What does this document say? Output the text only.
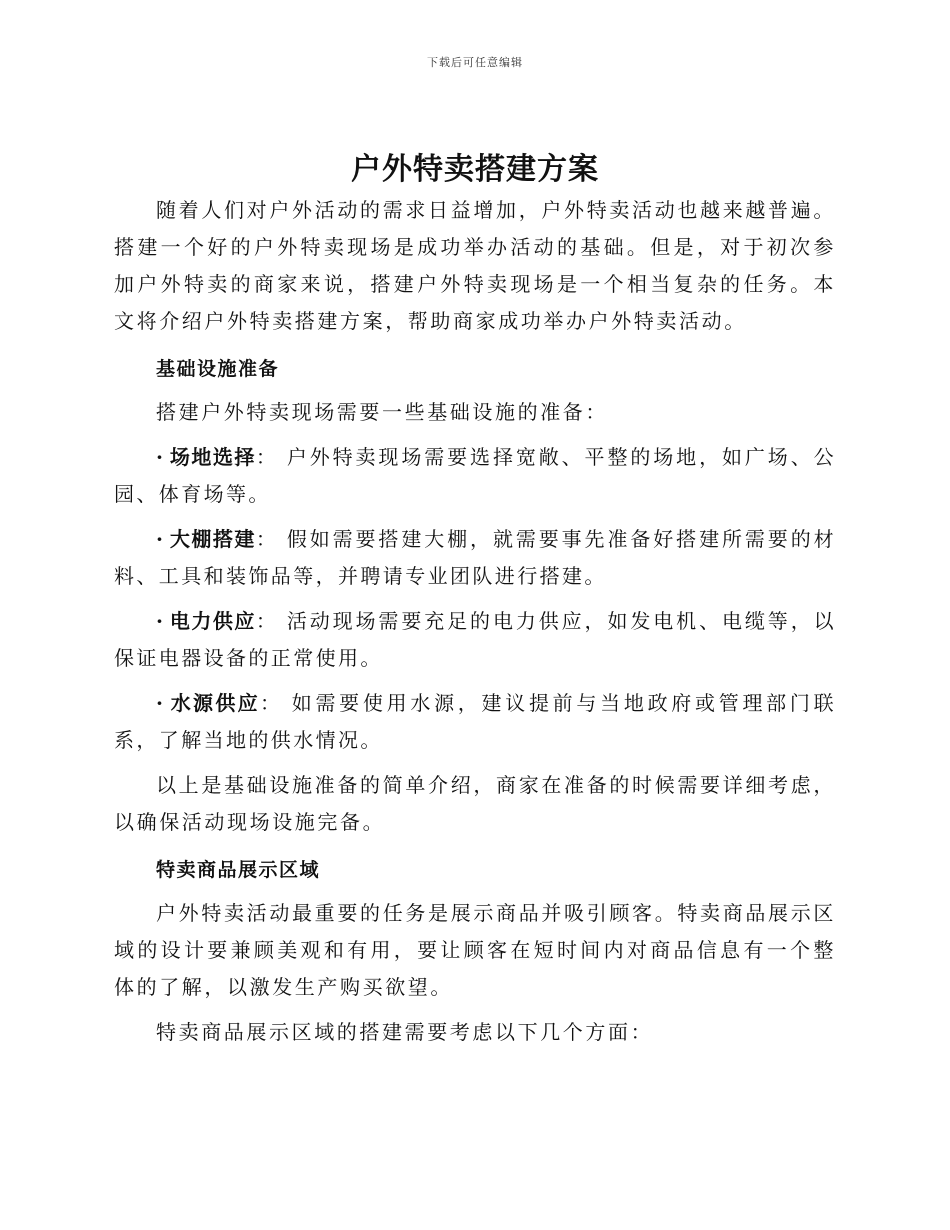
下载后可任意编辑
户外特卖搭建方案

随着人们对户外活动的需求日益增加，户外特卖活动也越来越普遍。搭建一个好的户外特卖现场是成功举办活动的基础。但是，对于初次参加户外特卖的商家来说，搭建户外特卖现场是一个相当复杂的任务。本文将介绍户外特卖搭建方案，帮助商家成功举办户外特卖活动。

基础设施准备

搭建户外特卖现场需要一些基础设施的准备：

· 场地选择： 户外特卖现场需要选择宽敞、平整的场地，如广场、公园、体育场等。
· 大棚搭建： 假如需要搭建大棚，就需要事先准备好搭建所需要的材料、工具和装饰品等，并聘请专业团队进行搭建。
· 电力供应： 活动现场需要充足的电力供应，如发电机、电缆等，以保证电器设备的正常使用。
· 水源供应： 如需要使用水源，建议提前与当地政府或管理部门联系，了解当地的供水情况。

以上是基础设施准备的简单介绍，商家在准备的时候需要详细考虑，以确保活动现场设施完备。

特卖商品展示区域

户外特卖活动最重要的任务是展示商品并吸引顾客。特卖商品展示区域的设计要兼顾美观和有用，要让顾客在短时间内对商品信息有一个整体的了解，以激发生产购买欲望。

特卖商品展示区域的搭建需要考虑以下几个方面：
